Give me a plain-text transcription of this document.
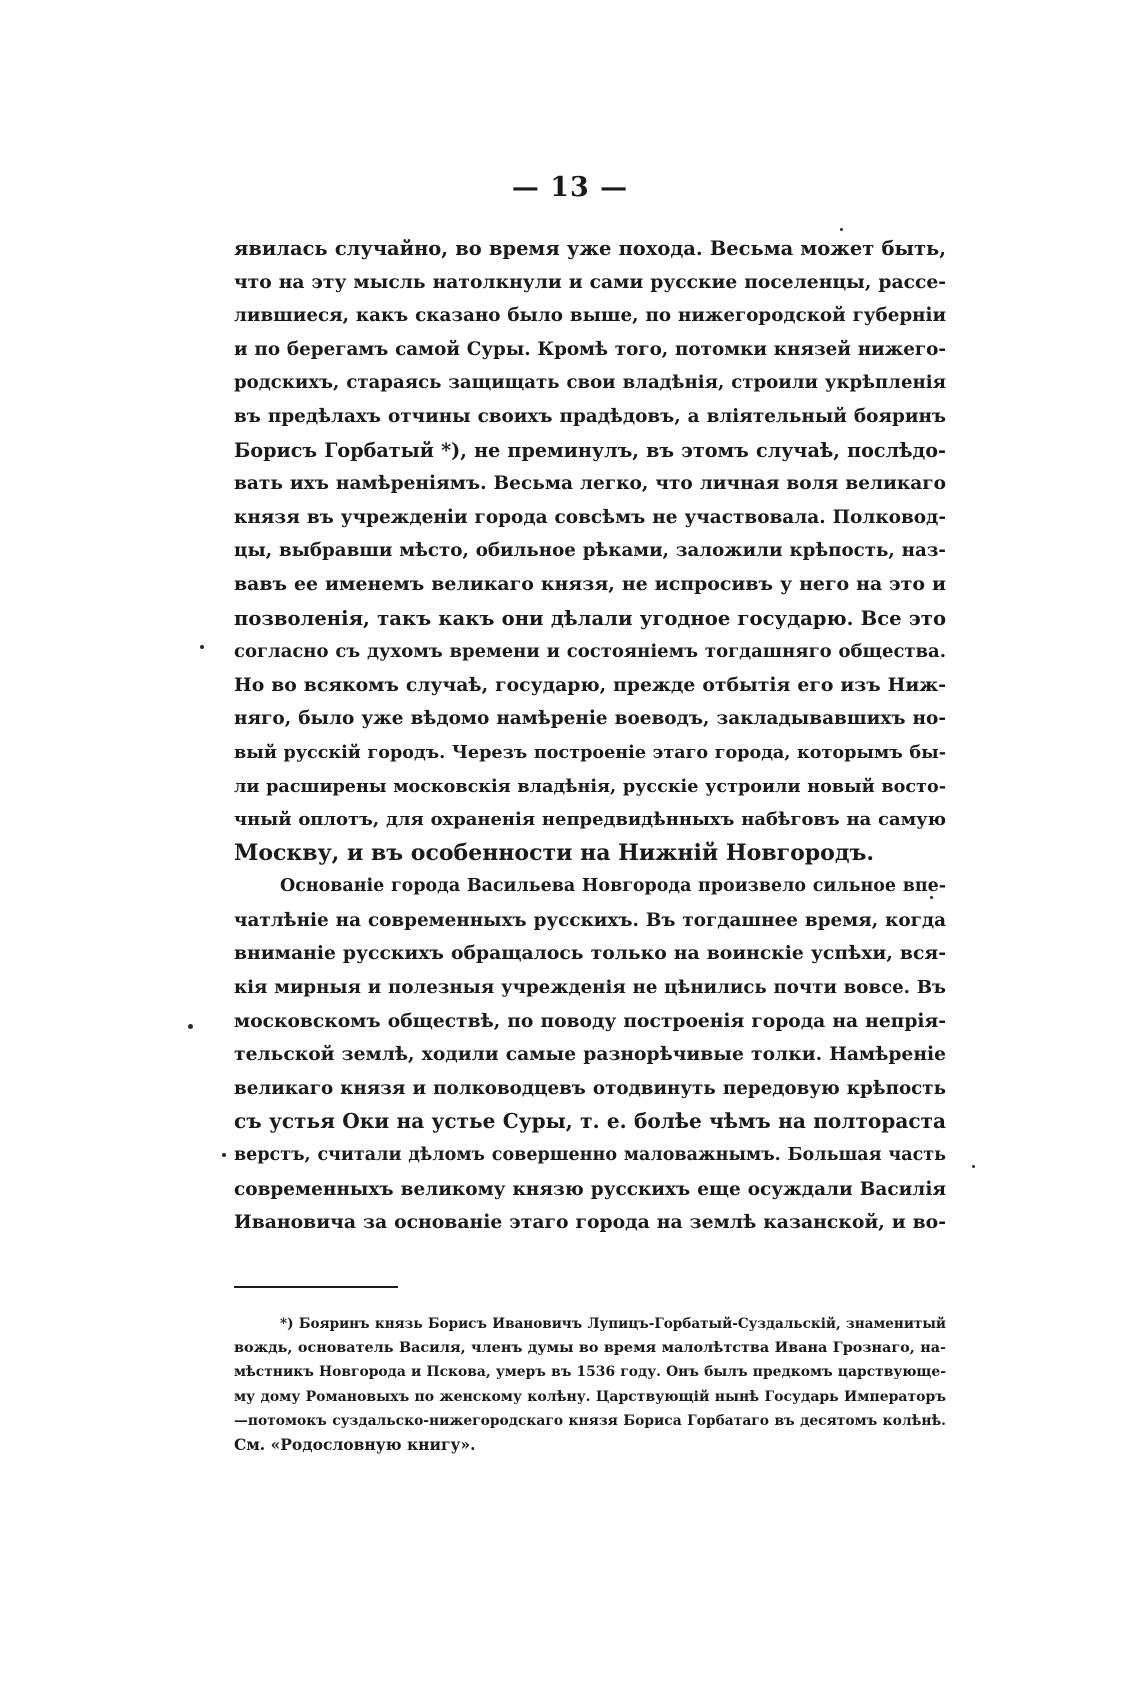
— 13 —
явилась случайно, во время уже похода. Весьма может быть,
что на эту мысль натолкнули и сами русские поселенцы, рассе-
лившиеся, какъ сказано было выше, по нижегородской губерніи
и по берегамъ самой Суры. Кромѣ того, потомки князей нижего-
родскихъ, стараясь защищать свои владѣнія, строили укрѣпленія
въ предѣлахъ отчины своихъ прадѣдовъ, а вліятельный бояринъ
Борисъ Горбатый *), не преминулъ, въ этомъ случаѣ, послѣдо-
вать ихъ намѣреніямъ. Весьма легко, что личная воля великаго
князя въ учрежденіи города совсѣмъ не участвовала. Полковод-
цы, выбравши мѣсто, обильное рѣками, заложили крѣпость, наз-
вавъ ее именемъ великаго князя, не испросивъ у него на это и
позволенія, такъ какъ они дѣлали угодное государю. Все это
согласно съ духомъ времени и состояніемъ тогдашняго общества.
Но во всякомъ случаѣ, государю, прежде отбытія его изъ Ниж-
няго, было уже вѣдомо намѣреніе воеводъ, закладывавшихъ но-
вый русскій городъ. Черезъ построеніе этаго города, которымъ бы-
ли расширены московскія владѣнія, русскіе устроили новый восто-
чный оплотъ, для охраненія непредвидѣнныхъ набѣговъ на самую
Москву, и въ особенности на Нижній Новгородъ.
Основаніе города Васильева Новгорода произвело сильное впе-
чатлѣніе на современныхъ русскихъ. Въ тогдашнее время, когда
вниманіе русскихъ обращалось только на воинскіе успѣхи, вся-
кія мирныя и полезныя учрежденія не цѣнились почти вовсе. Въ
московскомъ обществѣ, по поводу построенія города на непрія-
тельской землѣ, ходили самые разнорѣчивые толки. Намѣреніе
великаго князя и полководцевъ отодвинуть передовую крѣпость
съ устья Оки на устье Суры, т. е. болѣе чѣмъ на полтораста
верстъ, считали дѣломъ совершенно маловажнымъ. Большая часть
современныхъ великому князю русскихъ еще осуждали Василія
Ивановича за основаніе этаго города на землѣ казанской, и во-
*) Бояринъ князь Борисъ Ивановичъ Лупицъ-Горбатый-Суздальскій, знаменитый
вождь, основатель Василя, членъ думы во время малолѣтства Ивана Грознаго, на-
мѣстникъ Новгорода и Пскова, умеръ въ 1536 году. Онъ былъ предкомъ царствующе-
му дому Романовыхъ по женскому колѣну. Царствующій нынѣ Государь Императоръ
—потомокъ суздальско-нижегородскаго князя Бориса Горбатаго въ десятомъ колѣнѣ.
См. «Родословную книгу».
